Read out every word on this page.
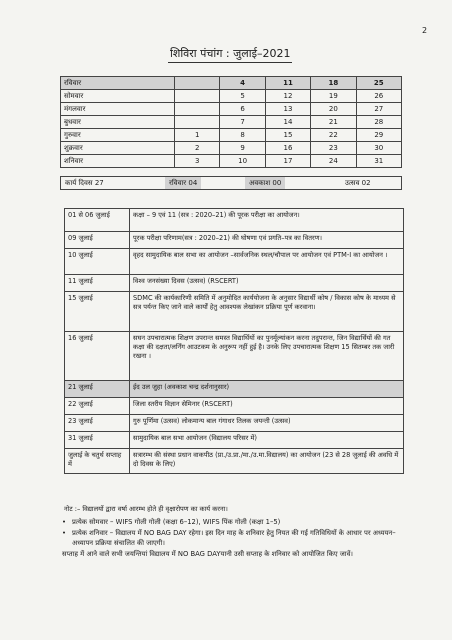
2
शिविरा पंचांग : जुलाई–2021
रविवार		4	11	18	25
सोमवार		5	12	19	26
मंगलवार		6	13	20	27
बुधवार		7	14	21	28
गुरुवार	1	8	15	22	29
शुक्रवार	2	9	16	23	30
शनिवार	3	10	17	24	31
कार्य दिवस 27	रविवार 04	अवकाश 00	उत्सव 02
01 से 06 जुलाई	कक्षा – 9 एवं 11 (सत्र : 2020–21) की पूरक परीक्षा का आयोजन।
09 जुलाई	पूरक परीक्षा परिणाम(सत्र : 2020–21) की घोषणा एवं प्रगति–पत्र का वितरण।
10 जुलाई	वृहद सामुदायिक बाल सभा का आयोजन –सार्वजनिक स्थल/चौपाल पर आयोजन एवं PTM-I का आयोजन ।
11 जुलाई	विश्व जनसंख्या दिवस (उत्सव) (RSCERT)
15 जुलाई	SDMC की कार्यकारिणी समिति में अनुमोदित कार्ययोजना के अनुसार विद्यार्थी कोष / विकास कोष के माध्यम से सत्र पर्यन्त किए जाने वाले कार्यों हेतु आवश्यक लेखांकन प्रक्रिया पूर्ण करवाना।
16 जुलाई	सघन उपचारात्मक शिक्षण उपरान्त समस्त विद्यार्थियों का पुनर्मूल्यांकन करना तदुपरान्त, जिन विद्यार्थियों की गत कक्षा की दक्षता/लर्निंग आउटकम के अनुरूप नहीं हुई है। उनके लिए उपचारात्मक शिक्षण 15 सितम्बर तक जारी रखना ।
21 जुलाई	ईद उल जुहा (अवकाश चन्द्र दर्शनानुसार)
22 जुलाई	जिला स्तरीय विज्ञान सेमिनार (RSCERT)
23 जुलाई	गुरु पूर्णिमा (उत्सव) लोकमान्य बाल गंगाधर तिलक जयन्ती (उत्सव)
31 जुलाई	सामुदायिक बाल सभा आयोजन (विद्यालय परिसर में)
जुलाई के चतुर्थ सप्ताह में	सत्रारम्भ की संस्था प्रधान वाकपीठ (प्रा./उ.प्रा./मा./उ.मा.विद्यालय) का आयोजन (23 से 28 जुलाई की अवधि में दो दिवस के लिए)
नोट :– विद्यालयों द्वारा वर्षा आरम्भ होते ही वृक्षारोपण का कार्य करना।
• प्रत्येक सोमवार – WIFS गोली गोली (कक्षा 6–12), WIFS पिंक गोली (कक्षा 1–5)
• प्रत्येक शनिवार – विद्यालय में NO BAG DAY रहेगा। इस दिन माह के शनिवार हेतु नियत की गई गतिविधियों के आधार पर अध्ययन–अध्यापन प्रक्रिया संचालित की जाएगी।
सप्ताह में आने वाले सभी जयन्तियां विद्यालय में NO BAG DAYयानी उसी सप्ताह के शनिवार को आयोजित किए जावें।
